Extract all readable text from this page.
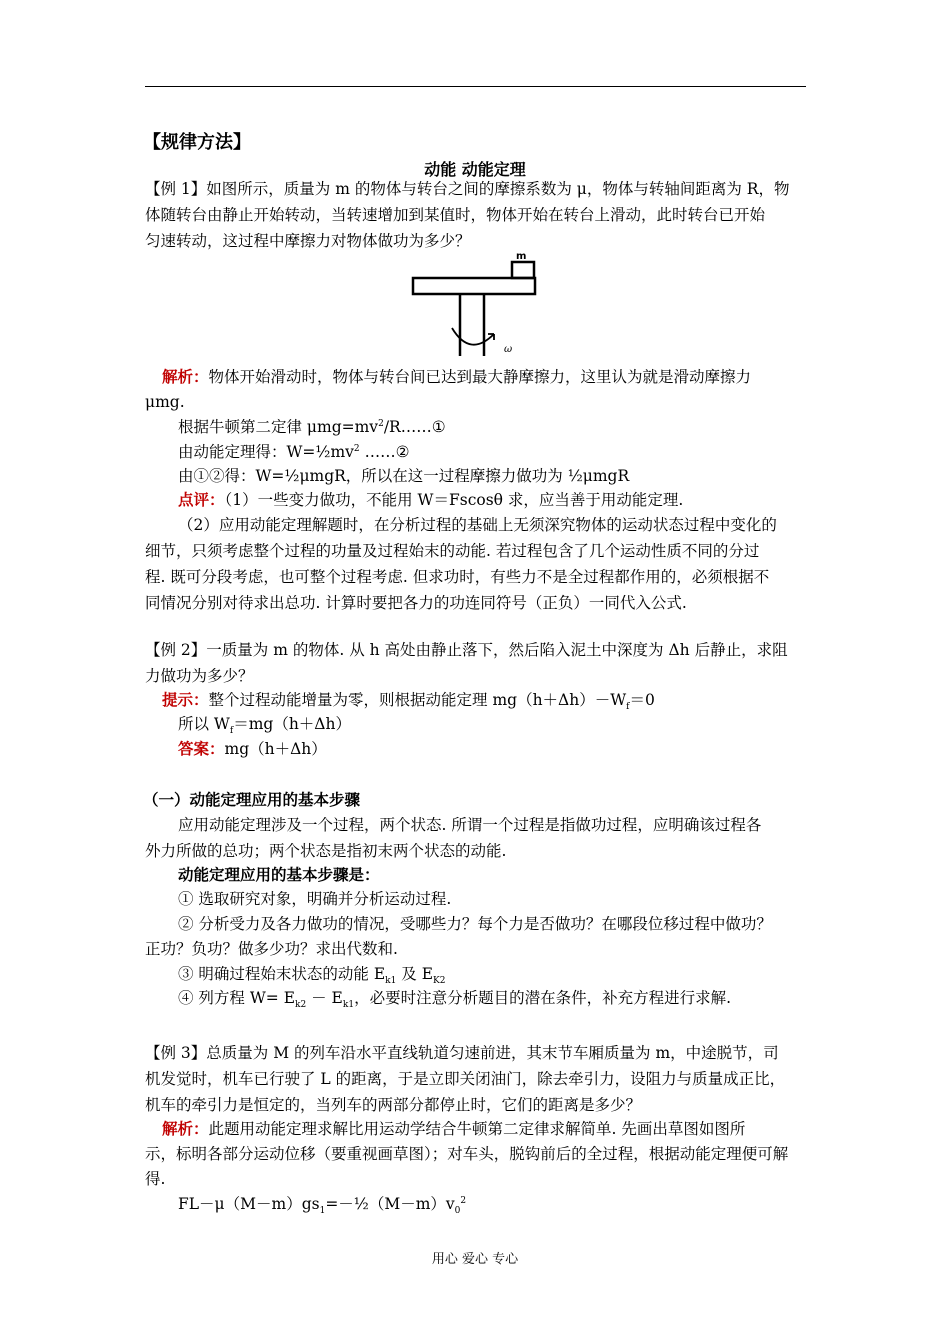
【规律方法】
动能 动能定理
【例 1】如图所示，质量为 m 的物体与转台之间的摩擦系数为 μ，物体与转轴间距离为 R，物
体随转台由静止开始转动，当转速增加到某值时，物体开始在转台上滑动，此时转台已开始
匀速转动，这过程中摩擦力对物体做功为多少？
m
ω
解析：物体开始滑动时，物体与转台间已达到最大静摩擦力，这里认为就是滑动摩擦力
μmg.
根据牛顿第二定律 $\mu mg=mv^2/R\dots\dots ①$
由动能定理得：$W=\frac{1}{2}mv^2$ ……②
由①②得：W=½μmgR，所以在这一过程摩擦力做功为 ½μmgR
点评：（1）一些变力做功，不能用 W＝Fscosθ 求，应当善于用动能定理.
（2）应用动能定理解题时，在分析过程的基础上无须深究物体的运动状态过程中变化的
细节，只须考虑整个过程的功量及过程始末的动能. 若过程包含了几个运动性质不同的分过
程. 既可分段考虑，也可整个过程考虑. 但求功时，有些力不是全过程都作用的，必须根据不
同情况分别对待求出总功. 计算时要把各力的功连同符号（正负）一同代入公式.
【例 2】一质量为 m 的物体. 从 h 高处由静止落下，然后陷入泥土中深度为 Δh 后静止，求阻
力做功为多少？
提示：整个过程动能增量为零，则根据动能定理 $mg(h+\Delta h)-W_f=0$
所以 $W_f=mg(h+\Delta h)$
答案：mg（h＋Δh）
（一）动能定理应用的基本步骤
应用动能定理涉及一个过程，两个状态. 所谓一个过程是指做功过程，应明确该过程各
外力所做的总功；两个状态是指初末两个状态的动能.
动能定理应用的基本步骤是：
① 选取研究对象，明确并分析运动过程.
② 分析受力及各力做功的情况，受哪些力？每个力是否做功？在哪段位移过程中做功？
正功？负功？做多少功？求出代数和.
③ 明确过程始末状态的动能 $E_{k1}$ 及 $E_{K2}$
④ 列方程 $W= E_{k2} - E_{k1}$，必要时注意分析题目的潜在条件，补充方程进行求解.
【例 3】总质量为 M 的列车沿水平直线轨道匀速前进，其末节车厢质量为 m，中途脱节，司
机发觉时，机车已行驶了 L 的距离，于是立即关闭油门，除去牵引力，设阻力与质量成正比，
机车的牵引力是恒定的，当列车的两部分都停止时，它们的距离是多少？
解析：此题用动能定理求解比用运动学结合牛顿第二定律求解简单. 先画出草图如图所
示，标明各部分运动位移（要重视画草图）；对车头，脱钩前后的全过程，根据动能定理便可解
得.
$FL-\mu(M-m)gs_1=-\frac{1}{2}(M-m)v_0^2$
用心 爱心 专心
